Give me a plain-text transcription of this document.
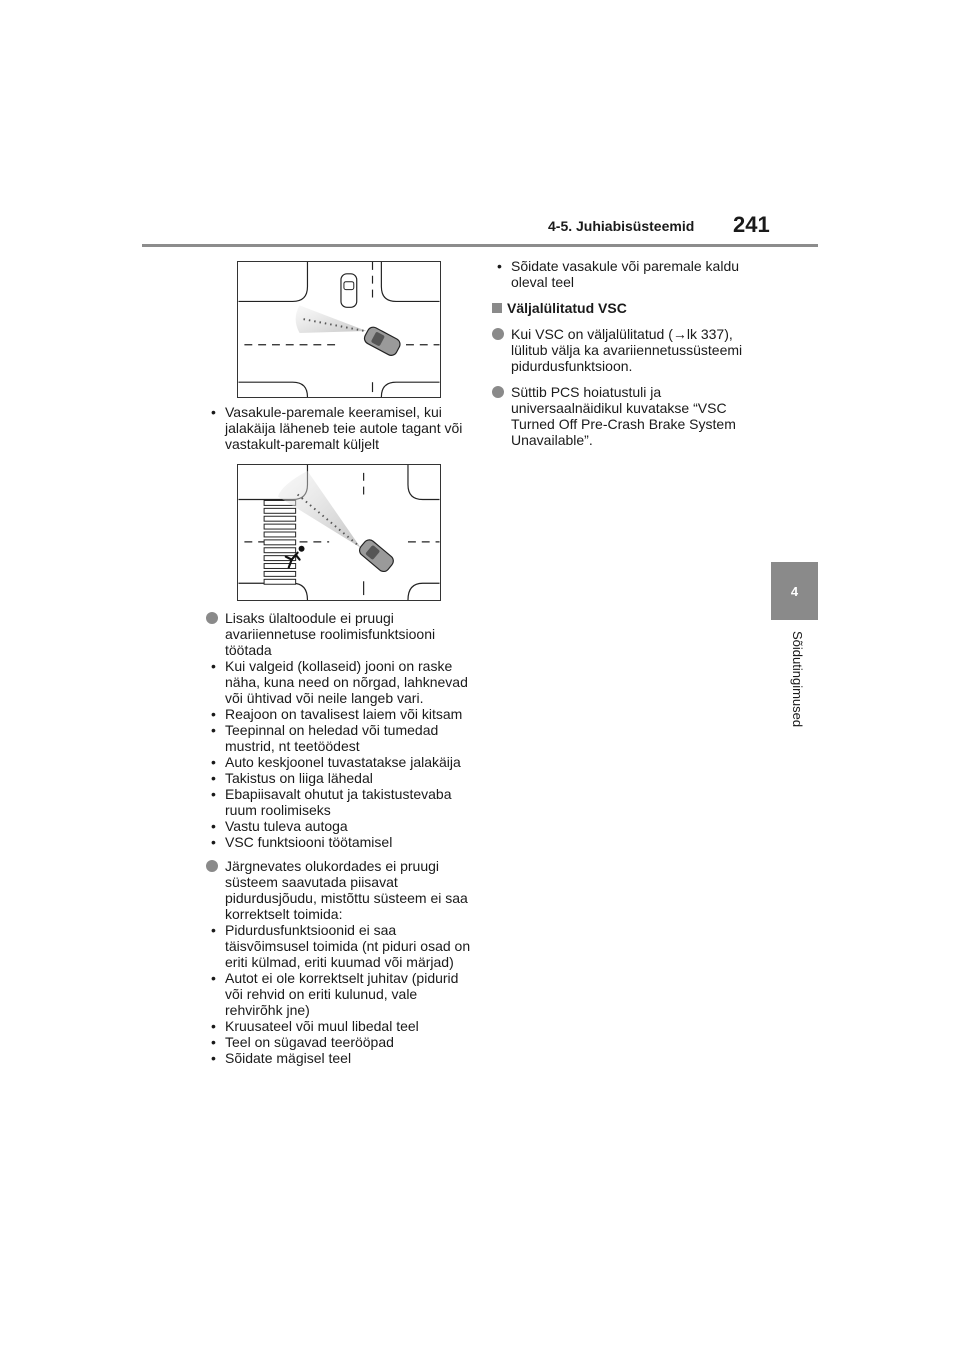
4-5. Juhiabisüsteemid 241
4
Sõidutingimused
• Vasakule-paremale keeramisel, kui jalakäija läheneb teie autole tagant või vastakult-paremalt küljelt
Lisaks ülaltoodule ei pruugi avariiennetuse roolimisfunktsiooni töötada
• Kui valgeid (kollaseid) jooni on raske näha, kuna need on nõrgad, lahknevad või ühtivad või neile langeb vari.
• Reajoon on tavalisest laiem või kitsam
• Teepinnal on heledad või tumedad mustrid, nt teetöödest
• Auto keskjoonel tuvastatakse jalakäija
• Takistus on liiga lähedal
• Ebapiisavalt ohutut ja takistustevaba ruum roolimiseks
• Vastu tuleva autoga
• VSC funktsiooni töötamisel
Järgnevates olukordades ei pruugi süsteem saavutada piisavat pidurdusjõudu, mistõttu süsteem ei saa korrektselt toimida:
• Pidurdusfunktsioonid ei saa täisvõimsusel toimida (nt piduri osad on eriti külmad, eriti kuumad või märjad)
• Autot ei ole korrektselt juhitav (pidurid või rehvid on eriti kulunud, vale rehvirõhk jne)
• Kruusateel või muul libedal teel
• Teel on sügavad teerööpad
• Sõidate mägisel teel
• Sõidate vasakule või paremale kaldu oleval teel
Väljalülitatud VSC
Kui VSC on väljalülitatud (→lk 337), lülitub välja ka avariiennetussüsteemi pidurdusfunktsioon.
Süttib PCS hoiatustuli ja universaalnäidikul kuvatakse “VSC Turned Off Pre-Crash Brake System Unavailable”.
